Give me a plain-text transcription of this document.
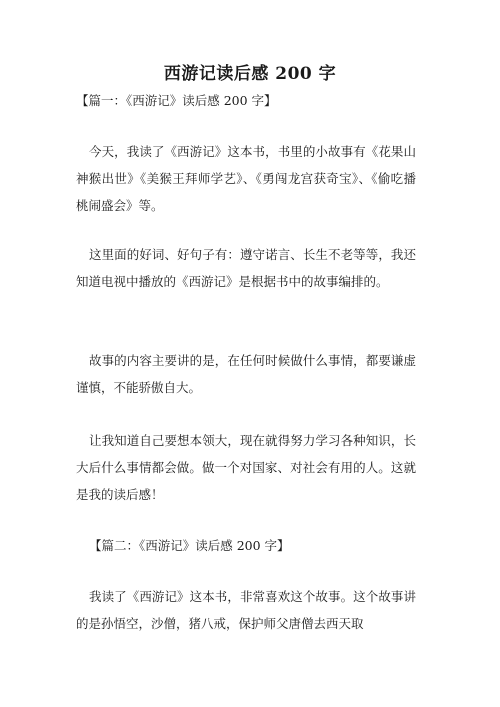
西游记读后感 200 字
【篇一：《西游记》读后感 200 字】
今天，我读了《西游记》这本书，书里的小故事有《花果山神猴出世》《美猴王拜师学艺》、《勇闯龙宫获奇宝》、《偷吃播桃闹盛会》等。
这里面的好词、好句子有：遵守诺言、长生不老等等，我还知道电视中播放的《西游记》是根据书中的故事编排的。
故事的内容主要讲的是，在任何时候做什么事情，都要谦虚谨慎，不能骄傲自大。
让我知道自己要想本领大，现在就得努力学习各种知识，长大后什么事情都会做。做一个对国家、对社会有用的人。这就是我的读后感！
【篇二：《西游记》读后感 200 字】
我读了《西游记》这本书，非常喜欢这个故事。这个故事讲的是孙悟空，沙僧，猪八戒，保护师父唐僧去西天取
